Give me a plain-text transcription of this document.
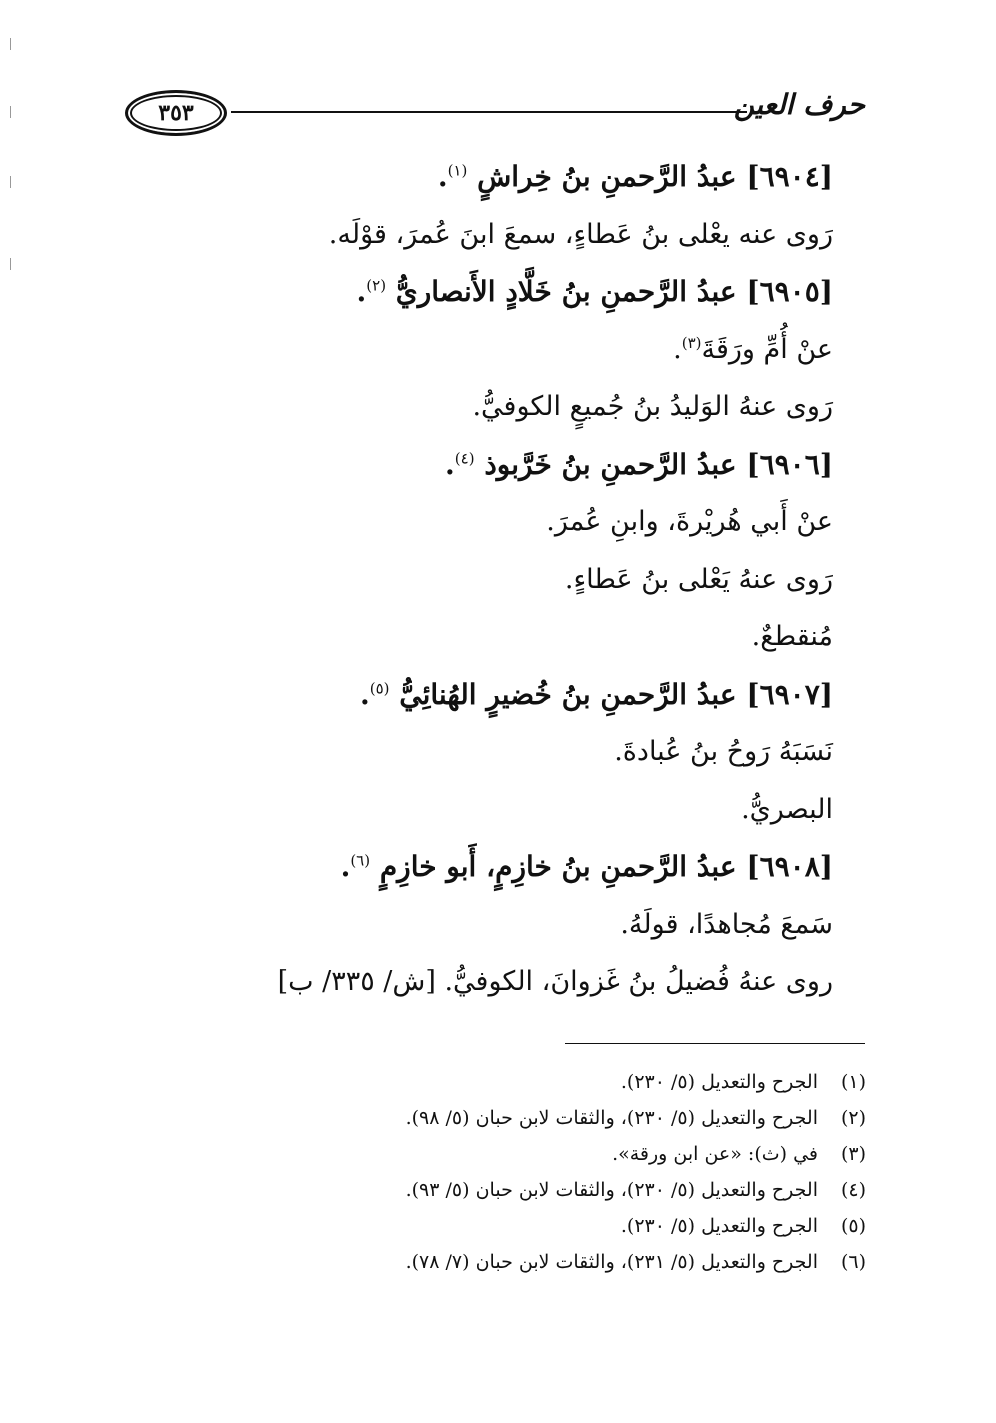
٣٥٣	حرف العين
[٦٩٠٤] عبدُ الرَّحمنِ بنُ خِراشٍ $^{(١)}$.
رَوى عنه يعْلى بنُ عَطاءٍ، سمعَ ابنَ عُمرَ، قوْلَه.
[٦٩٠٥] عبدُ الرَّحمنِ بنُ خَلَّادٍ الأَنصاريُّ $^{(٢)}$.
عنْ أُمِّ ورَقَةَ$^{(٣)}$.
رَوى عنهُ الوَليدُ بنُ جُميعٍ الكوفيُّ.
[٦٩٠٦] عبدُ الرَّحمنِ بنُ خَرَّبوذ $^{(٤)}$.
عنْ أَبي هُريْرةَ، وابنِ عُمرَ.
رَوى عنهُ يَعْلى بنُ عَطاءٍ.
مُنقطعٌ.
[٦٩٠٧] عبدُ الرَّحمنِ بنُ خُضيرٍ الهُنائِيُّ $^{(٥)}$.
نَسَبَهُ رَوحُ بنُ عُبادةَ.
البصريُّ.
[٦٩٠٨] عبدُ الرَّحمنِ بنُ خازِمٍ، أَبو خازِمٍ $^{(٦)}$.
سَمعَ مُجاهدًا، قولَهُ.
روى عنهُ فُضيلُ بنُ غَزوانَ، الكوفيُّ. [ش/ ٣٣٥/ ب]
(١)الجرح والتعديل (٥/ ٢٣٠).
(٢)الجرح والتعديل (٥/ ٢٣٠)، والثقات لابن حبان (٥/ ٩٨).
(٣)في (ث): «عن ابن ورقة».
(٤)الجرح والتعديل (٥/ ٢٣٠)، والثقات لابن حبان (٥/ ٩٣).
(٥)الجرح والتعديل (٥/ ٢٣٠).
(٦)الجرح والتعديل (٥/ ٢٣١)، والثقات لابن حبان (٧/ ٧٨).
